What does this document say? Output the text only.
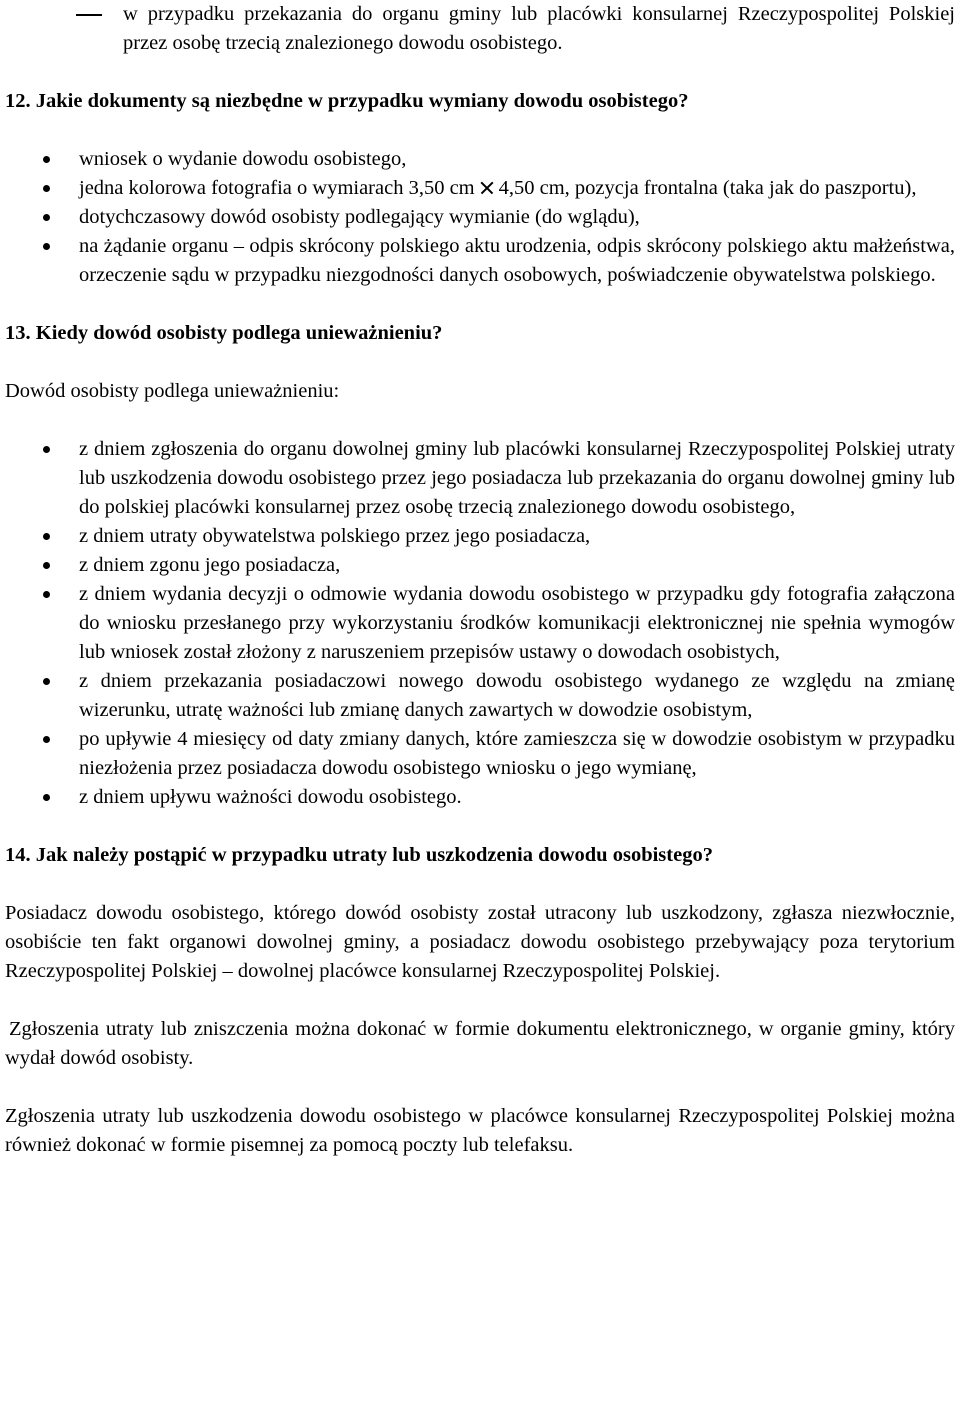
w przypadku przekazania do organu gminy lub placówki konsularnej Rzeczypospolitej Polskiej przez osobę trzecią znalezionego dowodu osobistego.
12. Jakie dokumenty są niezbędne w przypadku wymiany dowodu osobistego?
wniosek o wydanie dowodu osobistego,
jedna kolorowa fotografia o wymiarach 3,50 cm 4,50 cm, pozycja frontalna (taka jak do paszportu),
dotychczasowy dowód osobisty podlegający wymianie (do wglądu),
na żądanie organu – odpis skrócony polskiego aktu urodzenia, odpis skrócony polskiego aktu małżeństwa, orzeczenie sądu w przypadku niezgodności danych osobowych, poświadczenie obywatelstwa polskiego.
13. Kiedy dowód osobisty podlega unieważnieniu?

Dowód osobisty podlega unieważnieniu:

z dniem zgłoszenia do organu dowolnej gminy lub placówki konsularnej Rzeczypospolitej Polskiej utraty lub uszkodzenia dowodu osobistego przez jego posiadacza lub przekazania do organu dowolnej gminy lub do polskiej placówki konsularnej przez osobę trzecią znalezionego dowodu osobistego,
z dniem utraty obywatelstwa polskiego przez jego posiadacza,
z dniem zgonu jego posiadacza,
z dniem wydania decyzji o odmowie wydania dowodu osobistego w przypadku gdy fotografia załączona do wniosku przesłanego przy wykorzystaniu środków komunikacji elektronicznej nie spełnia wymogów lub wniosek został złożony z naruszeniem przepisów ustawy o dowodach osobistych,
z dniem przekazania posiadaczowi nowego dowodu osobistego wydanego ze względu na zmianę wizerunku, utratę ważności lub zmianę danych zawartych w dowodzie osobistym,
po upływie 4 miesięcy od daty zmiany danych, które zamieszcza się w dowodzie osobistym w przypadku niezłożenia przez posiadacza dowodu osobistego wniosku o jego wymianę,
z dniem upływu ważności dowodu osobistego.
14. Jak należy postąpić w przypadku utraty lub uszkodzenia dowodu osobistego?

Posiadacz dowodu osobistego, którego dowód osobisty został utracony lub uszkodzony, zgłasza niezwłocznie, osobiście ten fakt organowi dowolnej gminy, a posiadacz dowodu osobistego przebywający poza terytorium Rzeczypospolitej Polskiej – dowolnej placówce konsularnej Rzeczypospolitej Polskiej.

Zgłoszenia utraty lub zniszczenia można dokonać w formie dokumentu elektronicznego, w organie gminy, który wydał dowód osobisty.

Zgłoszenia utraty lub uszkodzenia dowodu osobistego w placówce konsularnej Rzeczypospolitej Polskiej można również dokonać w formie pisemnej za pomocą poczty lub telefaksu.
